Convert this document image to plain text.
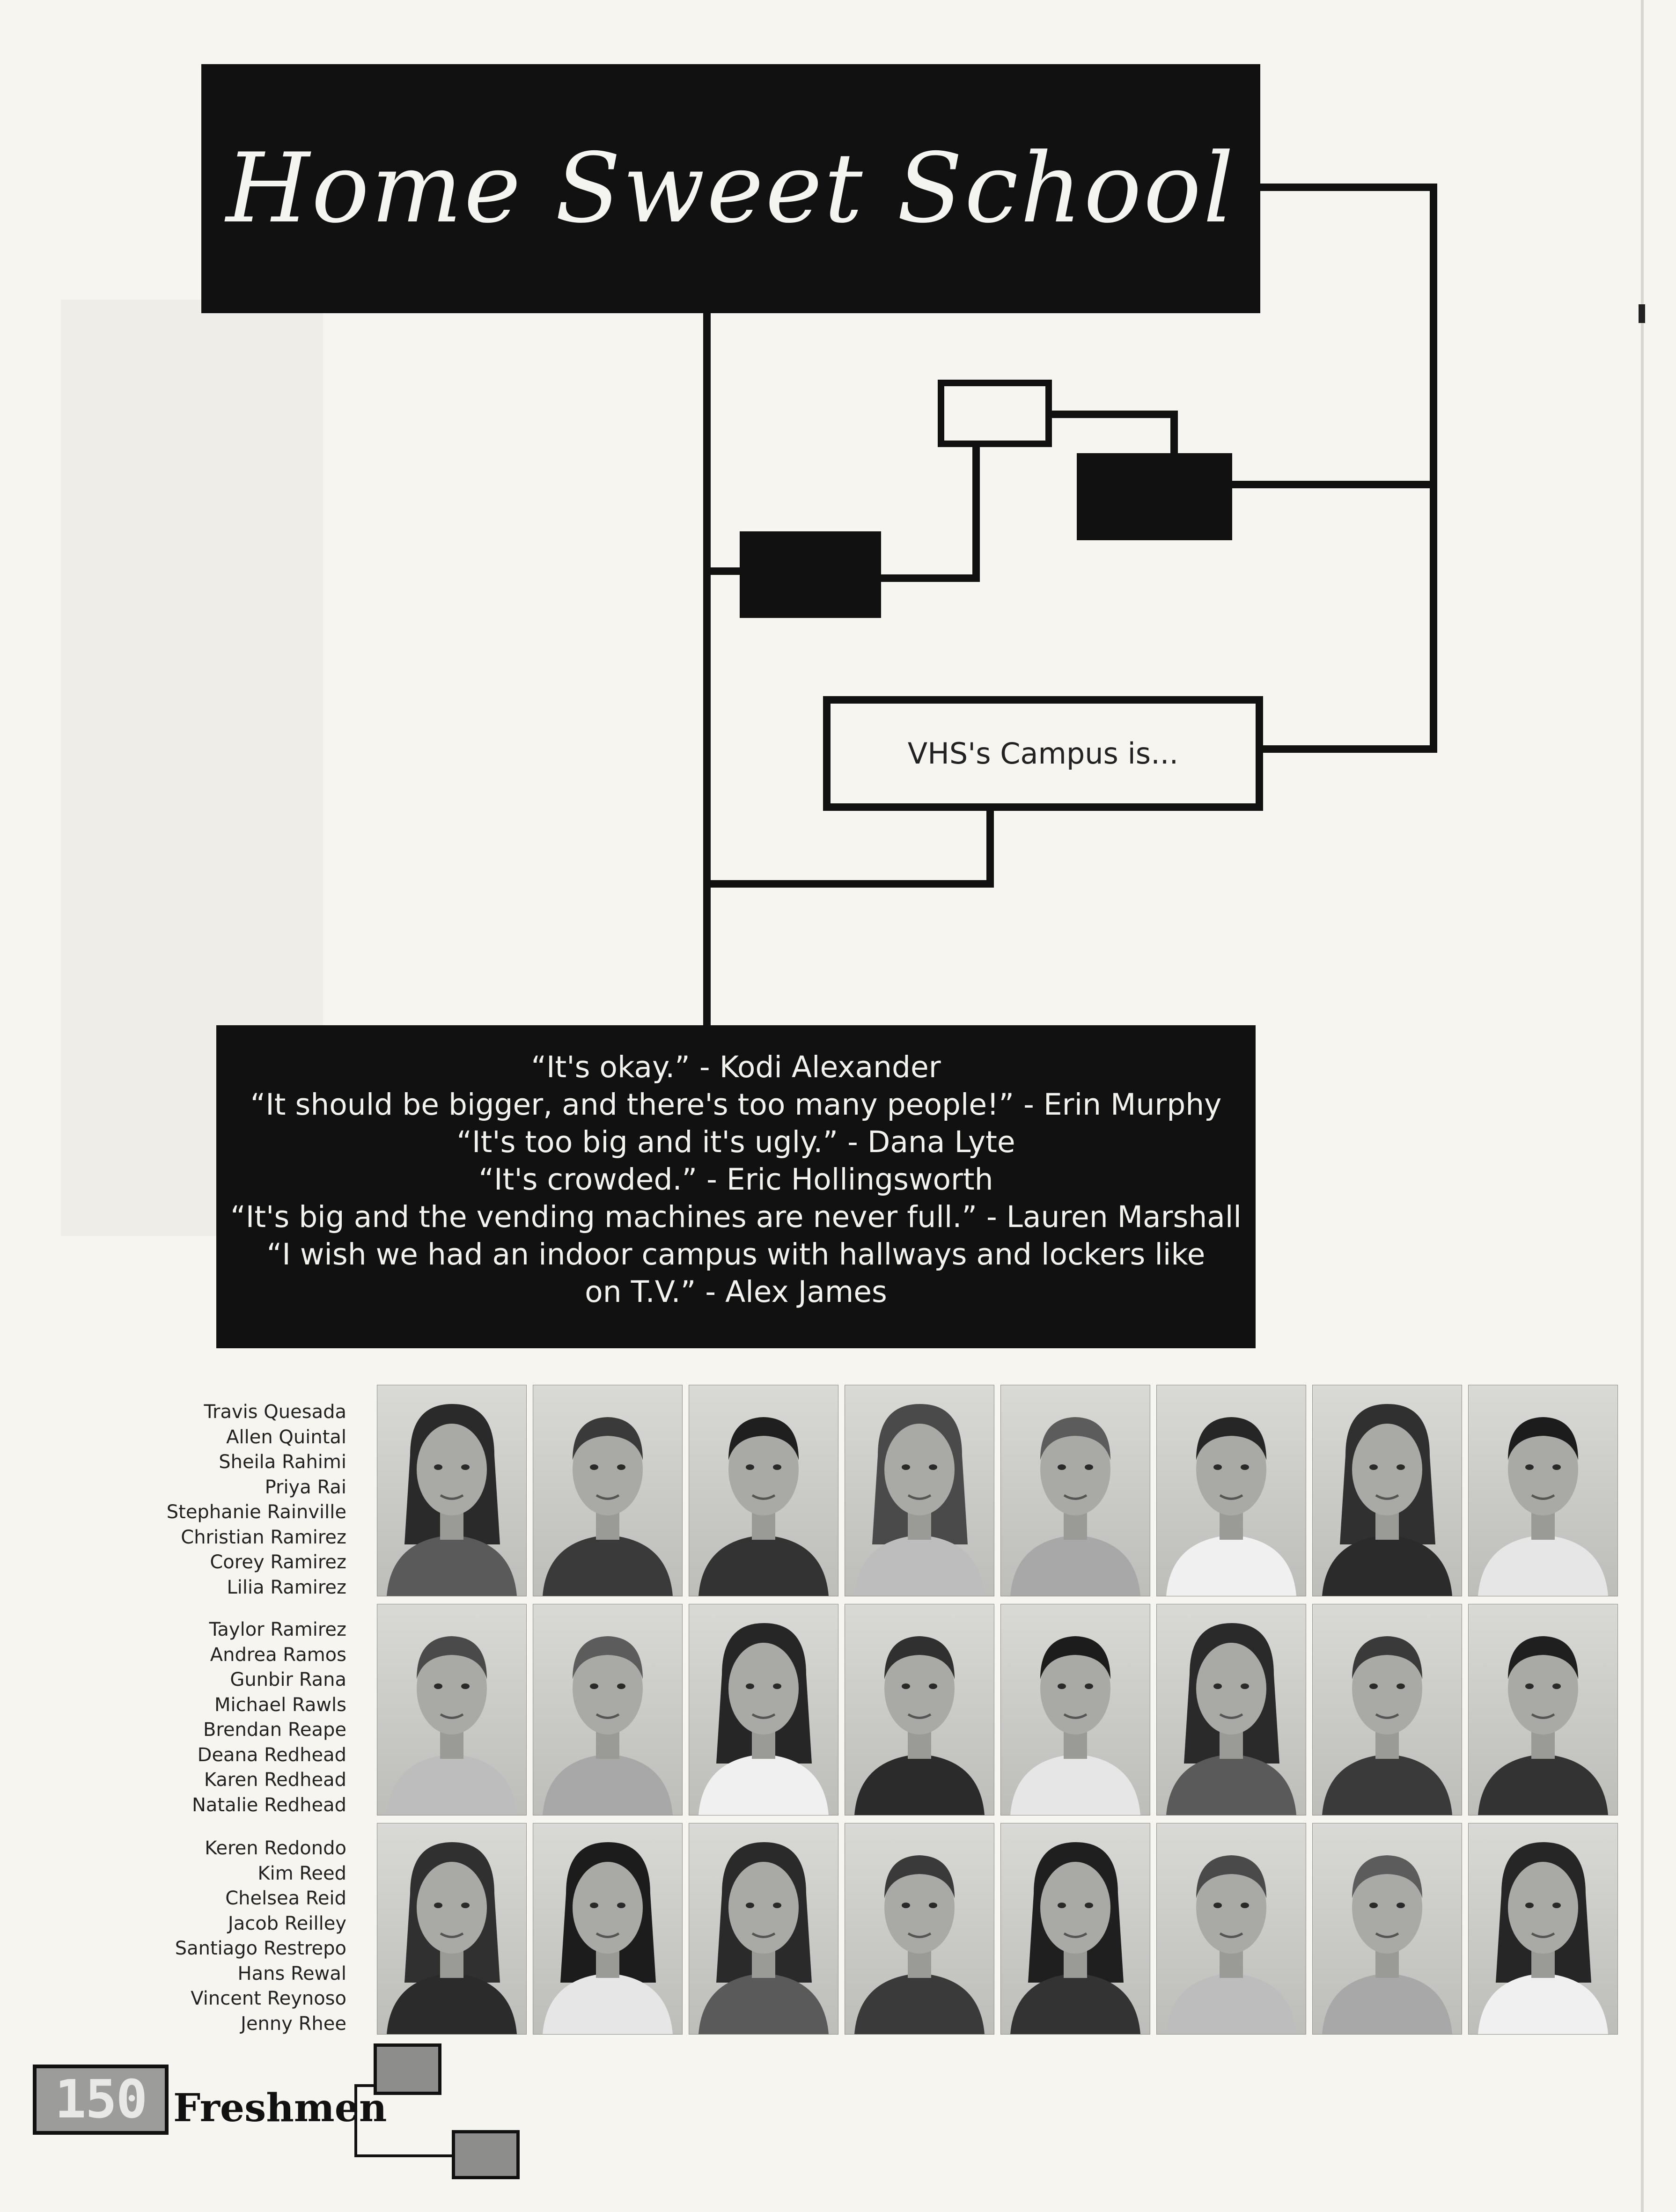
Home Sweet School
VHS's Campus is...
“It's okay.” - Kodi Alexander
“It should be bigger, and there's too many people!” - Erin Murphy
“It's too big and it's ugly.” - Dana Lyte
“It's crowded.” - Eric Hollingsworth
“It's big and the vending machines are never full.” - Lauren Marshall
“I wish we had an indoor campus with hallways and lockers like
on T.V.” - Alex James
Travis Quesada
Allen Quintal
Sheila Rahimi
Priya Rai
Stephanie Rainville
Christian Ramirez
Corey Ramirez
Lilia Ramirez
Taylor Ramirez
Andrea Ramos
Gunbir Rana
Michael Rawls
Brendan Reape
Deana Redhead
Karen Redhead
Natalie Redhead
Keren Redondo
Kim Reed
Chelsea Reid
Jacob Reilley
Santiago Restrepo
Hans Rewal
Vincent Reynoso
Jenny Rhee
150 Freshmen
